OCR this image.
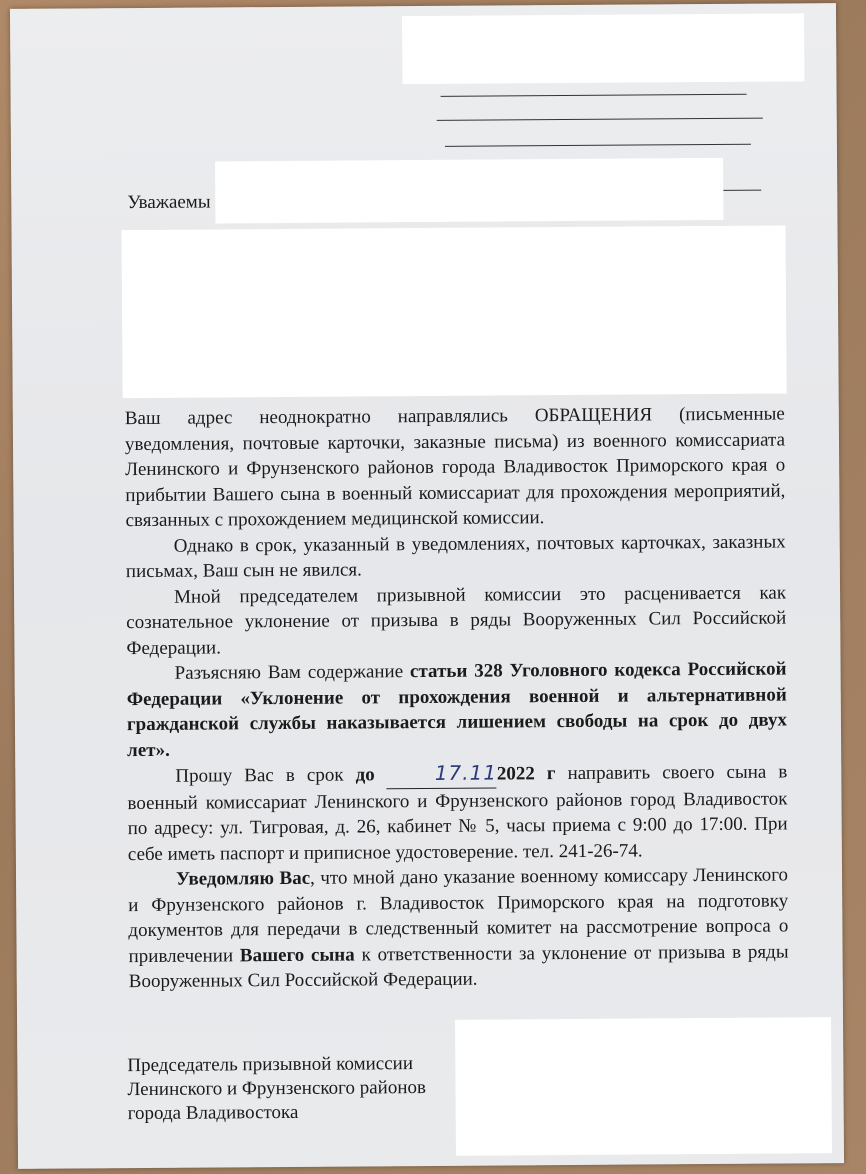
Уважаемы

Ваш адрес неоднократно направлялись ОБРАЩЕНИЯ (письменные уведомления, почтовые карточки, заказные письма) из военного комиссариата Ленинского и Фрунзенского районов города Владивосток Приморского края о прибытии Вашего сына в военный комиссариат для прохождения мероприятий, связанных с прохождением медицинской комиссии.

Однако в срок, указанный в уведомлениях, почтовых карточках, заказных письмах, Ваш сын не явился.

Мной председателем призывной комиссии это расценивается как сознательное уклонение от призыва в ряды Вооруженных Сил Российской Федерации.

Разъясняю Вам содержание статьи 328 Уголовного кодекса Российской Федерации «Уклонение от прохождения военной и альтернативной гражданской службы наказывается лишением свободы на срок до двух лет».

Прошу Вас в срок до	17.112022 г направить своего сына в военный комиссариат Ленинского и Фрунзенского районов город Владивосток по адресу: ул. Тигровая, д. 26, кабинет № 5, часы приема с 9:00 до 17:00. При себе иметь паспорт и приписное удостоверение. тел. 241-26-74.

Уведомляю Вас, что мной дано указание военному комиссару Ленинского и Фрунзенского районов г. Владивосток Приморского края на подготовку документов для передачи в следственный комитет на рассмотрение вопроса о привлечении Вашего сына к ответственности за уклонение от призыва в ряды Вооруженных Сил Российской Федерации.

Председатель призывной комиссии
Ленинского и Фрунзенского районов
города Владивостока
